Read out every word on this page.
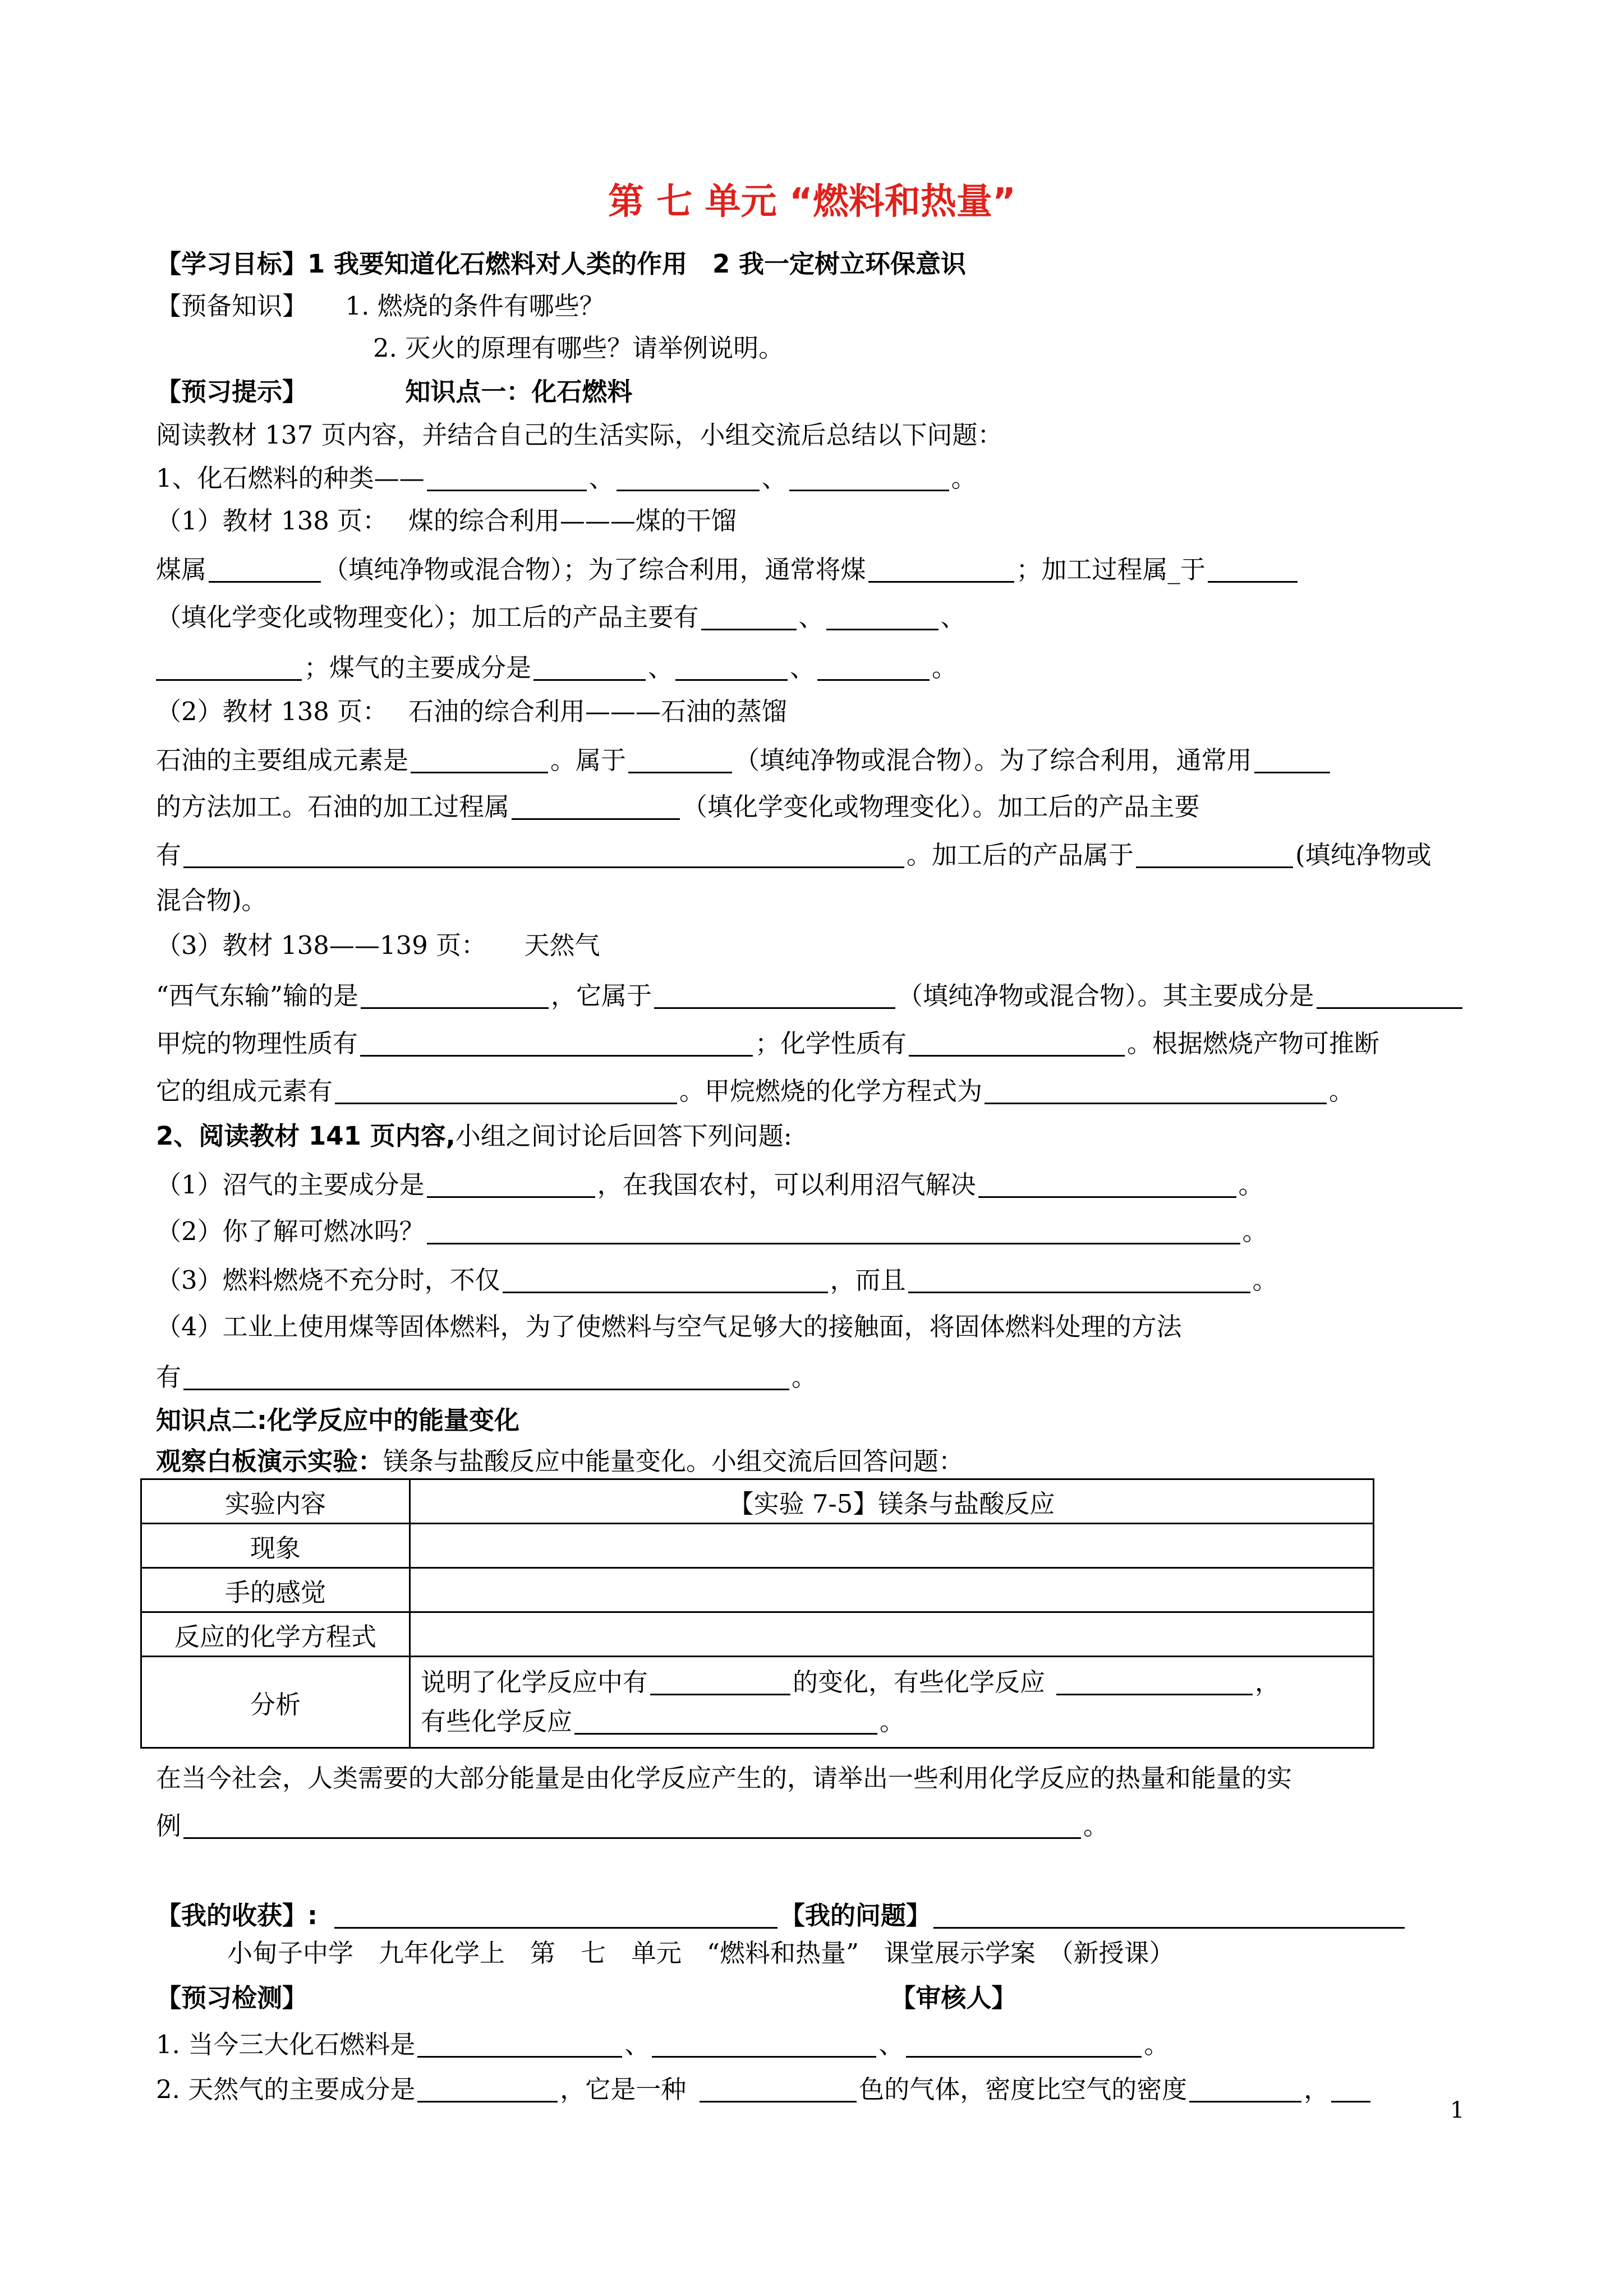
第 七 单元 “燃料和热量”
【学习目标】1 我要知道化石燃料对人类的作用　2 我一定树立环保意识
【预备知识】　　1. 燃烧的条件有哪些？
2. 灭火的原理有哪些？请举例说明。
【预习提示】	知识点一：化石燃料
阅读教材 137 页内容，并结合自己的生活实际，小组交流后总结以下问题：
1、化石燃料的种类——	、	、	。
（1）教材 138 页：　 煤的综合利用———煤的干馏
煤属	（填纯净物或混合物）；为了综合利用，通常将煤	；加工过程属_于
（填化学变化或物理变化）；加工后的产品主要有	、	、
；煤气的主要成分是	、	、	。
（2）教材 138 页：　 石油的综合利用———石油的蒸馏
石油的主要组成元素是	。属于	（填纯净物或混合物）。为了综合利用，通常用
的方法加工。石油的加工过程属	（填化学变化或物理变化）。加工后的产品主要
有	。加工后的产品属于	(填纯净物或
混合物)。
（3）教材 138——139 页：　　天然气
“西气东输”输的是	，它属于	（填纯净物或混合物）。其主要成分是
甲烷的物理性质有	；化学性质有	。根据燃烧产物可推断
它的组成元素有	。甲烷燃烧的化学方程式为	。
2、阅读教材 141 页内容,小组之间讨论后回答下列问题:
（1）沼气的主要成分是	，在我国农村，可以利用沼气解决	。
（2）你了解可燃冰吗？	。
（3）燃料燃烧不充分时，不仅	，而且	。
（4）工业上使用煤等固体燃料，为了使燃料与空气足够大的接触面，将固体燃料处理的方法
有	。
知识点二:化学反应中的能量变化
观察白板演示实验：镁条与盐酸反应中能量变化。小组交流后回答问题：
实验内容	【实验 7-5】镁条与盐酸反应
现象	
手的感觉	
反应的化学方程式	
分析	说明了化学反应中有 的变化，有些化学反应 ，
有些化学反应 。
在当今社会，人类需要的大部分能量是由化学反应产生的，请举出一些利用化学反应的热量和能量的实
例	。
【我的收获】:	【我的问题】
小甸子中学　九年化学上　第　七　单元　“燃料和热量”　课堂展示学案　（新授课）
【预习检测】	【审核人】
1. 当今三大化石燃料是	、	、	。
2. 天然气的主要成分是	，它是一种	色的气体，密度比空气的密度	，
1
